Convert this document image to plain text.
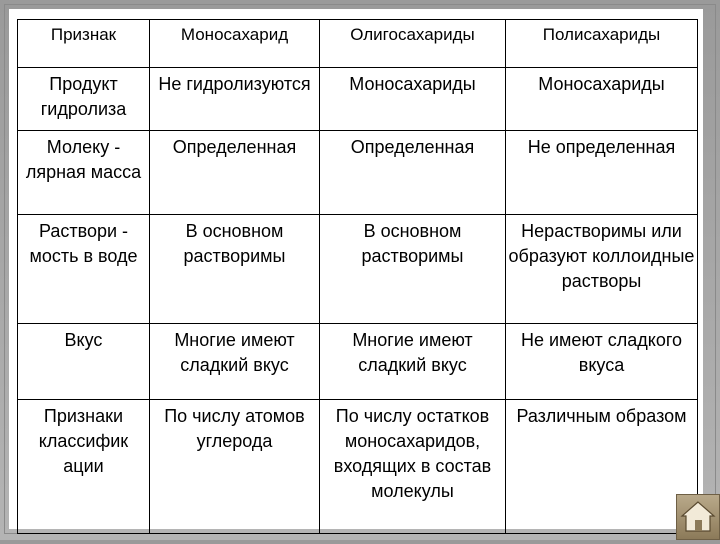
Признак	Моносахарид	Олигосахариды	Полисахариды
Продукт гидролиза	Не гидролизуются	Моносахариды	Моносахариды
Молеку - лярная масса	Определенная	Определенная	Не определенная
Раствори - мость в воде	В основном растворимы	В основном растворимы	Нерастворимы или образуют коллоидные растворы
Вкус	Многие имеют сладкий вкус	Многие имеют сладкий вкус	Не имеют сладкого вкуса
Признаки классифик ации	По числу атомов углерода	По числу остатков моносахаридов, входящих в состав молекулы	Различным образом
